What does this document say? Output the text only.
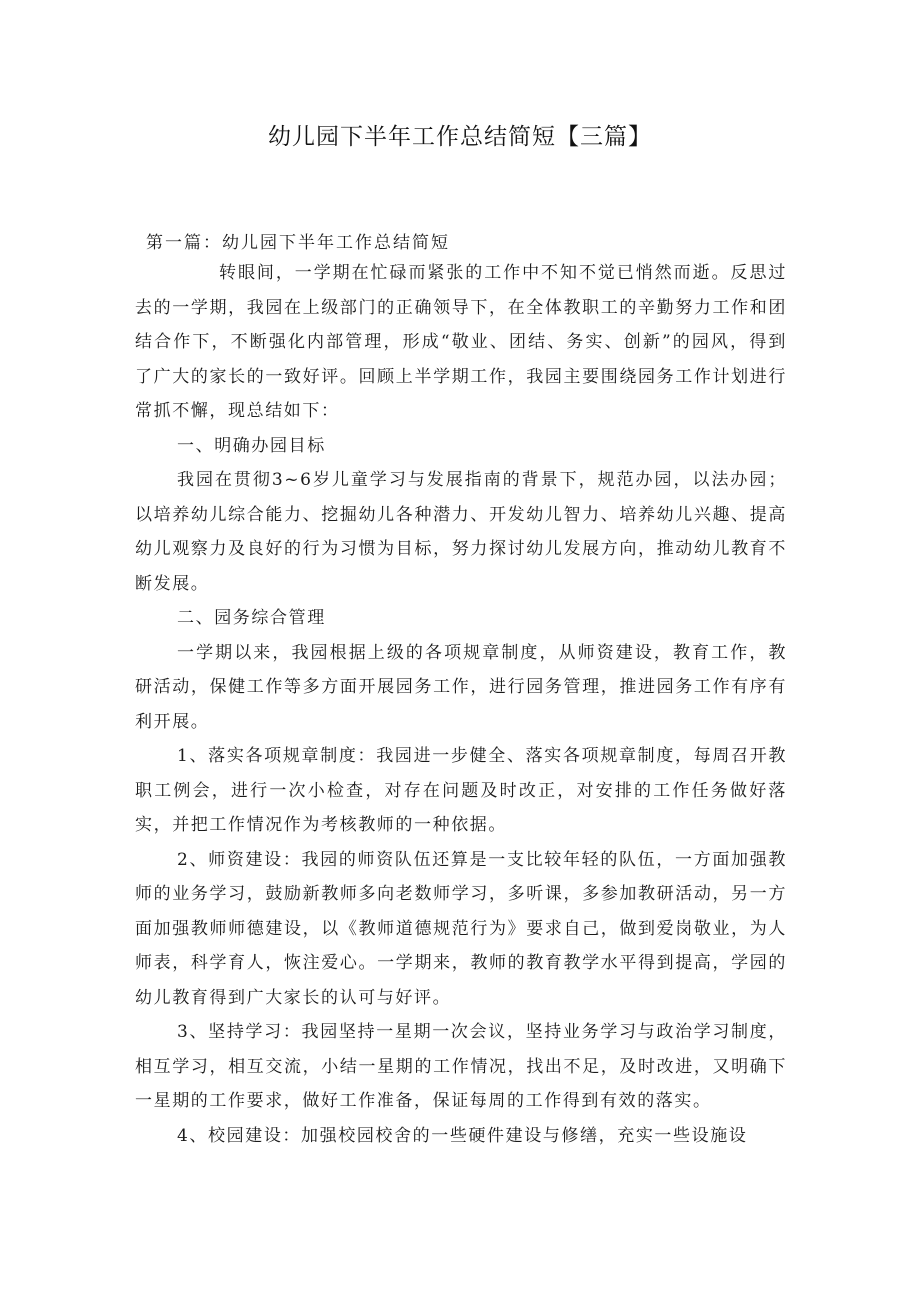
幼儿园下半年工作总结简短【三篇】
第一篇：幼儿园下半年工作总结简短

转眼间，一学期在忙碌而紧张的工作中不知不觉已悄然而逝。反思过去的一学期，我园在上级部门的正确领导下，在全体教职工的辛勤努力工作和团结合作下，不断强化内部管理，形成“敬业、团结、务实、创新”的园风，得到了广大的家长的一致好评。回顾上半学期工作，我园主要围绕园务工作计划进行常抓不懈，现总结如下：

一、明确办园目标

我园在贯彻3~6岁儿童学习与发展指南的背景下，规范办园，以法办园；以培养幼儿综合能力、挖掘幼儿各种潜力、开发幼儿智力、培养幼儿兴趣、提高幼儿观察力及良好的行为习惯为目标，努力探讨幼儿发展方向，推动幼儿教育不断发展。

二、园务综合管理

一学期以来，我园根据上级的各项规章制度，从师资建设，教育工作，教研活动，保健工作等多方面开展园务工作，进行园务管理，推进园务工作有序有利开展。

1、落实各项规章制度：我园进一步健全、落实各项规章制度，每周召开教职工例会，进行一次小检查，对存在问题及时改正，对安排的工作任务做好落实，并把工作情况作为考核教师的一种依据。

2、师资建设：我园的师资队伍还算是一支比较年轻的队伍，一方面加强教师的业务学习，鼓励新教师多向老数师学习，多听课，多参加教研活动，另一方面加强教师师德建设，以《教师道德规范行为》要求自己，做到爱岗敬业，为人师表，科学育人，恢注爱心。一学期来，教师的教育教学水平得到提高，学园的幼儿教育得到广大家长的认可与好评。

3、坚持学习：我园坚持一星期一次会议，坚持业务学习与政治学习制度，相互学习，相互交流，小结一星期的工作情况，找出不足，及时改进，又明确下一星期的工作要求，做好工作准备，保证每周的工作得到有效的落实。

4、校园建设：加强校园校舍的一些硬件建设与修缮，充实一些设施设
